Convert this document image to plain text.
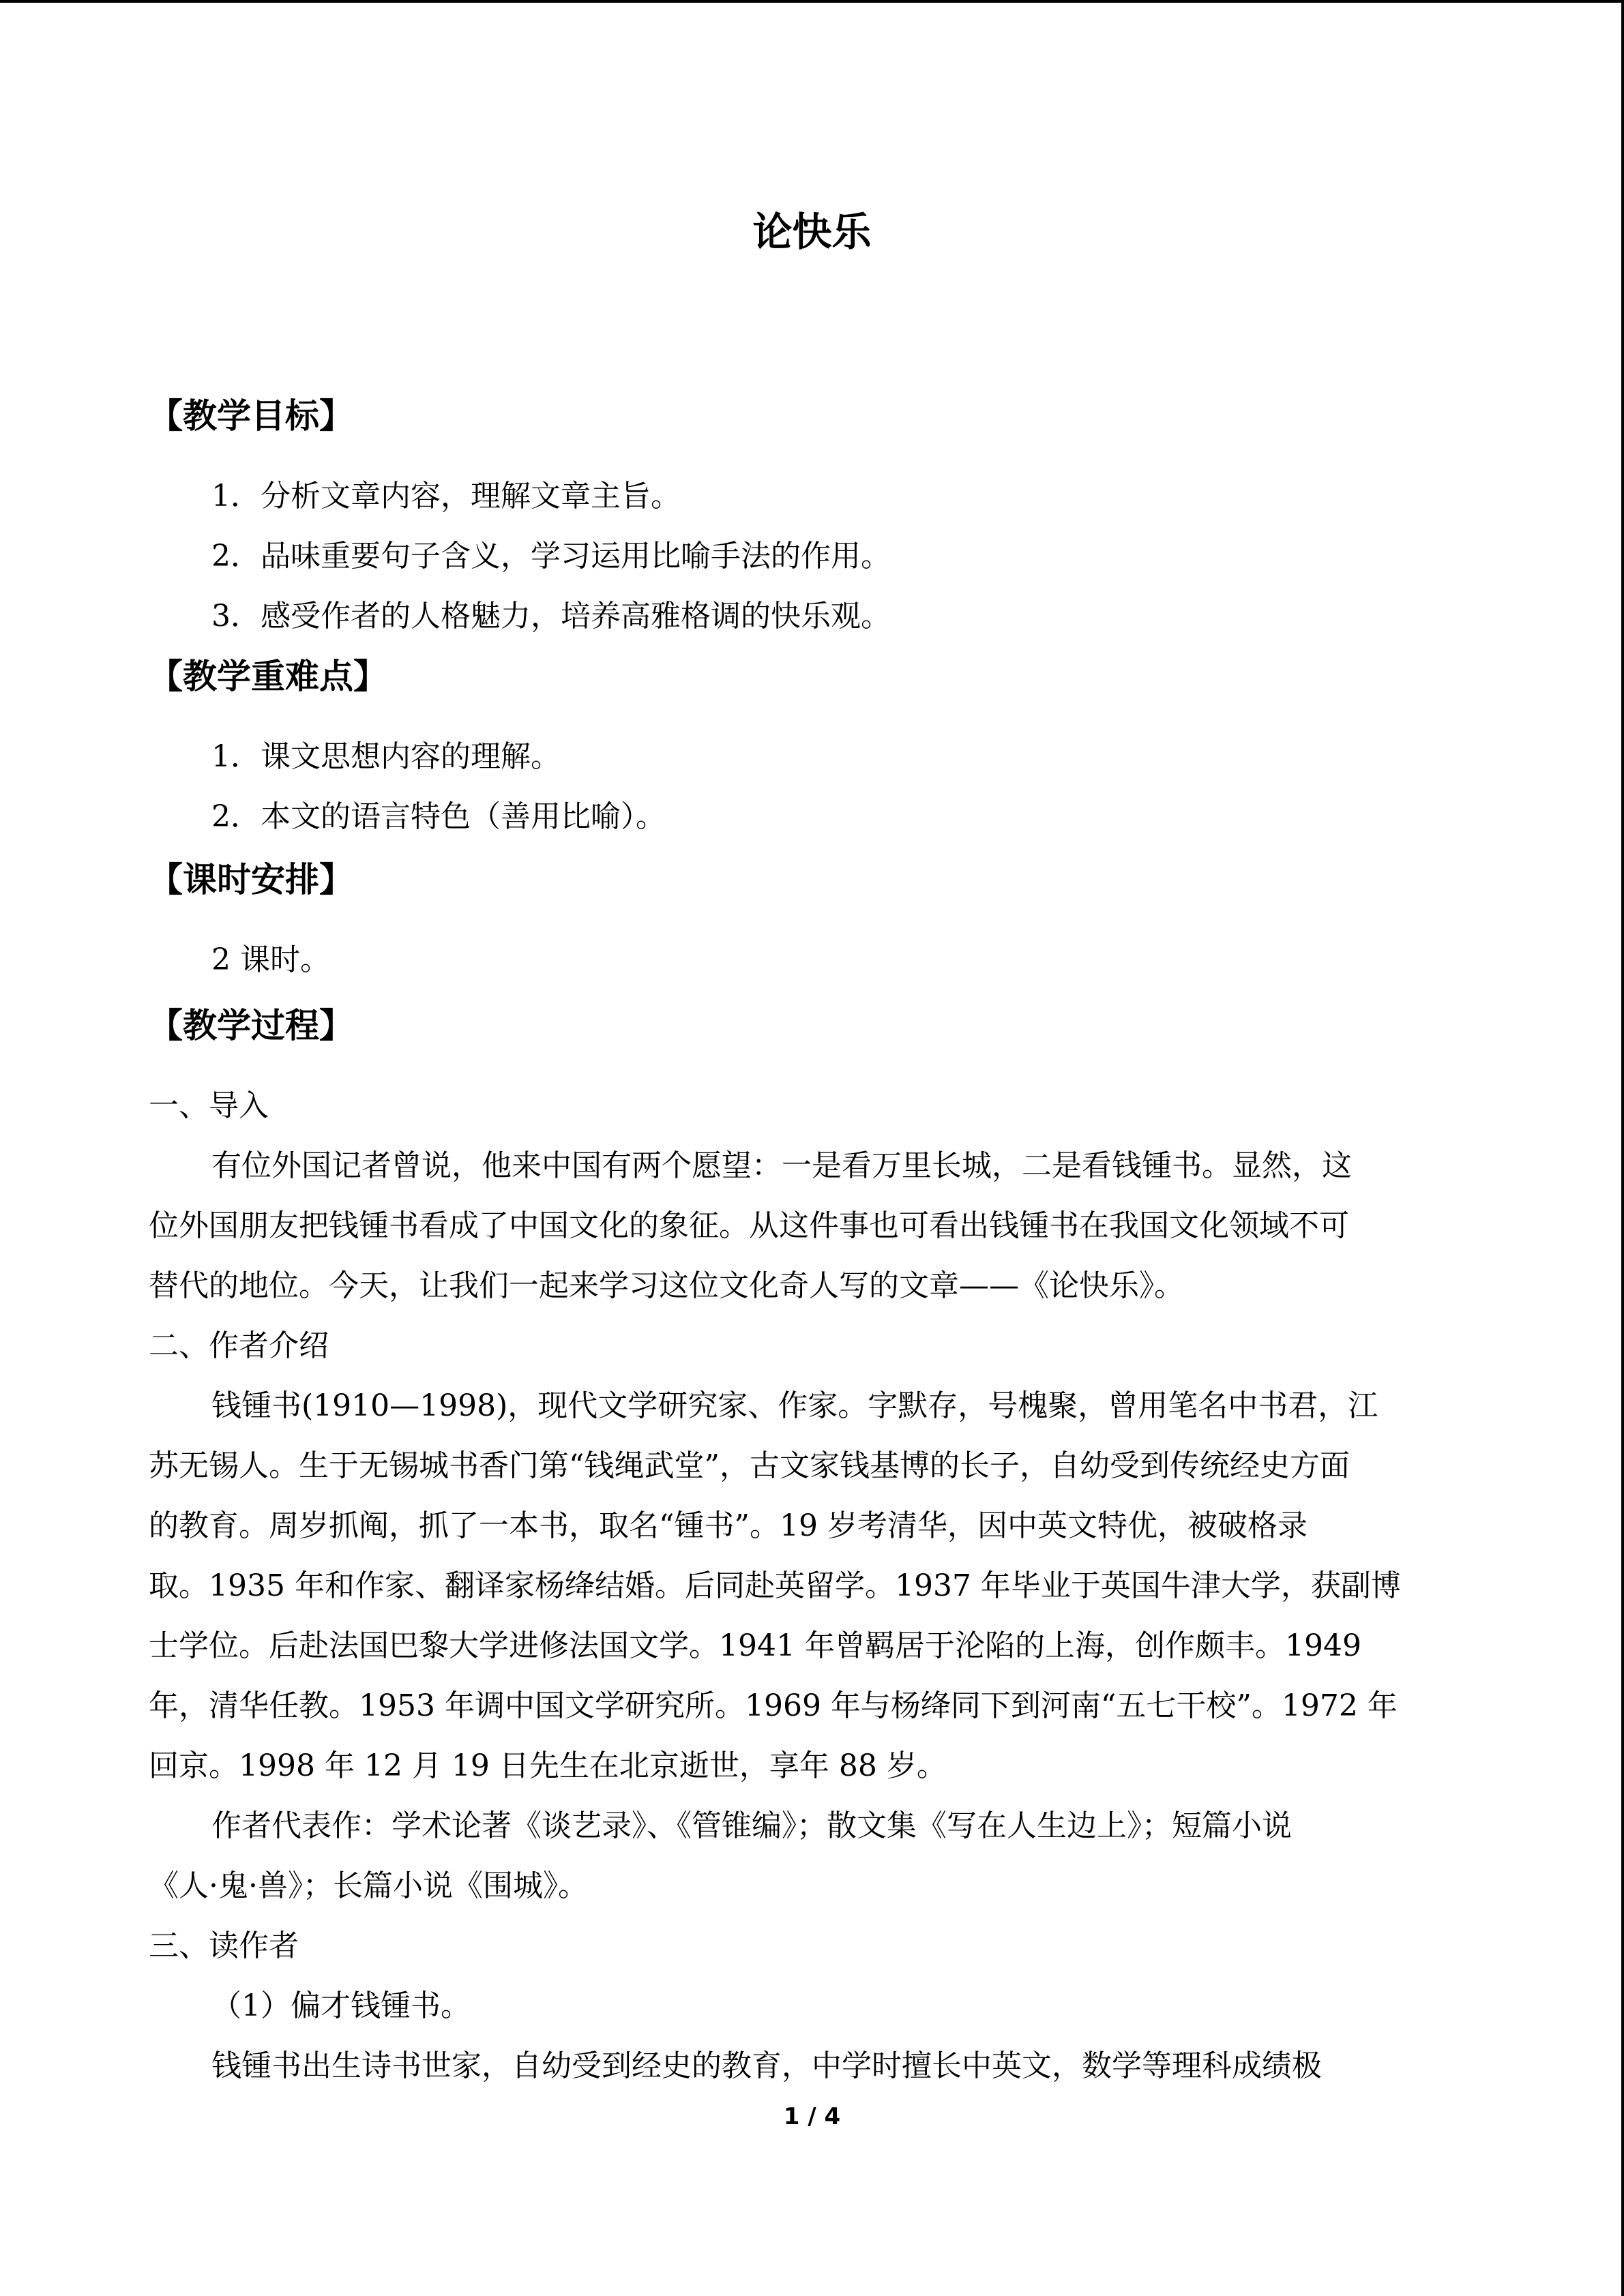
论快乐
【教学目标】

1．分析文章内容，理解文章主旨。

2．品味重要句子含义，学习运用比喻手法的作用。

3．感受作者的人格魅力，培养高雅格调的快乐观。

【教学重难点】

1．课文思想内容的理解。

2．本文的语言特色（善用比喻）。

【课时安排】

2 课时。

【教学过程】

一、导入

有位外国记者曾说，他来中国有两个愿望：一是看万里长城，二是看钱锺书。显然，这

位外国朋友把钱锺书看成了中国文化的象征。从这件事也可看出钱锺书在我国文化领域不可

替代的地位。今天，让我们一起来学习这位文化奇人写的文章——《论快乐》。

二、作者介绍

钱锺书(1910—1998)，现代文学研究家、作家。字默存，号槐聚，曾用笔名中书君，江

苏无锡人。生于无锡城书香门第“钱绳武堂”，古文家钱基博的长子，自幼受到传统经史方面

的教育。周岁抓阄，抓了一本书，取名“锺书”。19 岁考清华，因中英文特优，被破格录

取。1935 年和作家、翻译家杨绛结婚。后同赴英留学。1937 年毕业于英国牛津大学，获副博

士学位。后赴法国巴黎大学进修法国文学。1941 年曾羁居于沦陷的上海，创作颇丰。1949

年，清华任教。1953 年调中国文学研究所。1969 年与杨绛同下到河南“五七干校”。1972 年

回京。1998 年 12 月 19 日先生在北京逝世，享年 88 岁。

作者代表作：学术论著《谈艺录》、《管锥编》；散文集《写在人生边上》；短篇小说

《人·鬼·兽》；长篇小说《围城》。

三、读作者

（1）偏才钱锺书。

钱锺书出生诗书世家，自幼受到经史的教育，中学时擅长中英文，数学等理科成绩极

1 / 4
